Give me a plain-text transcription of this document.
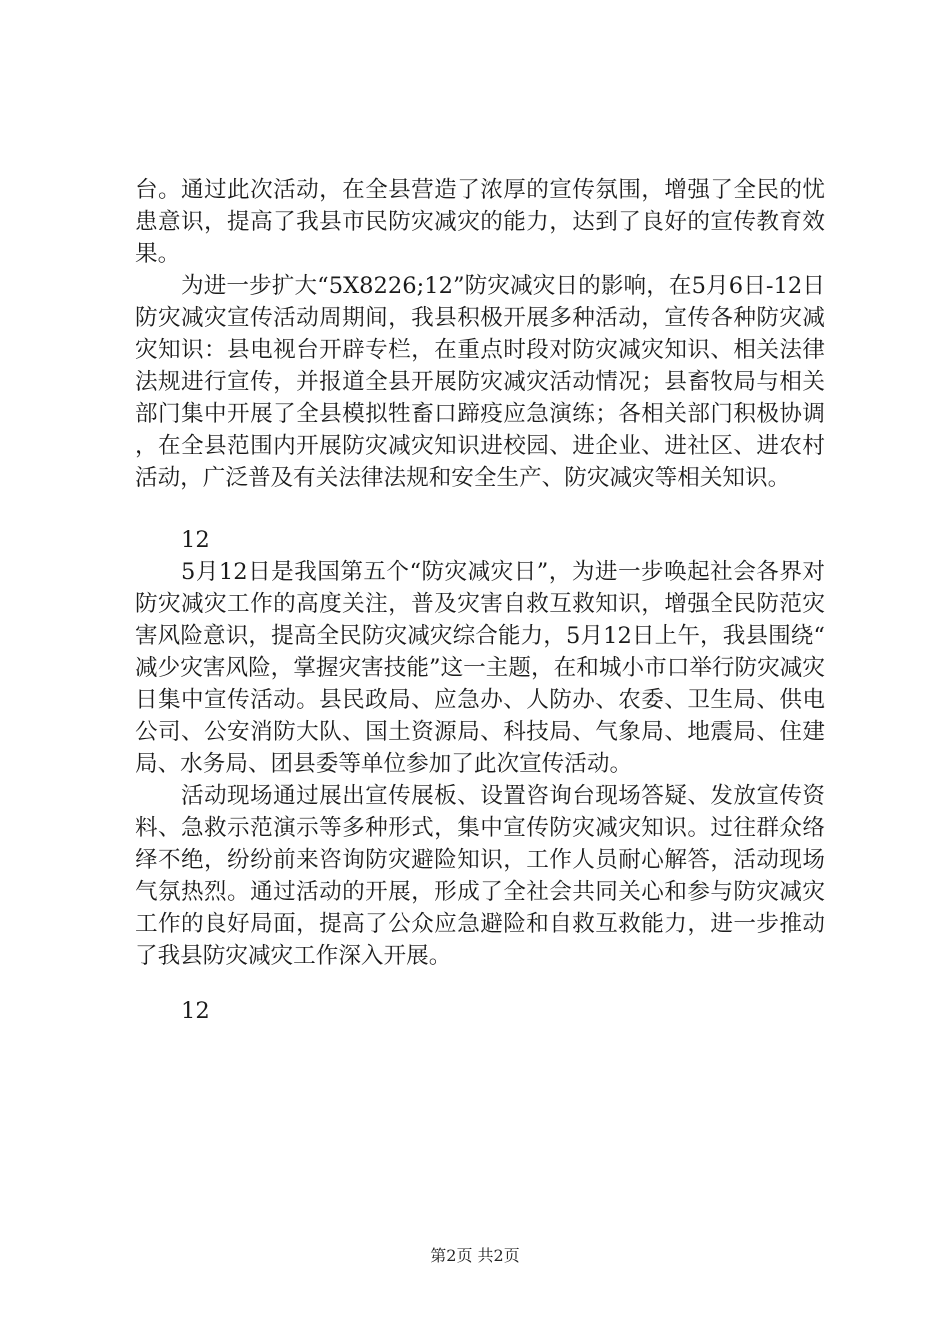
台。通过此次活动，在全县营造了浓厚的宣传氛围，增强了全民的忧患意识，提高了我县市民防灾减灾的能力，达到了良好的宣传教育效果。

为进一步扩大“5X8226;12”防灾减灾日的影响，在5月6日-12日防灾减灾宣传活动周期间，我县积极开展多种活动，宣传各种防灾减灾知识：县电视台开辟专栏，在重点时段对防灾减灾知识、相关法律法规进行宣传，并报道全县开展防灾减灾活动情况；县畜牧局与相关部门集中开展了全县模拟牲畜口蹄疫应急演练；各相关部门积极协调，在全县范围内开展防灾减灾知识进校园、进企业、进社区、进农村活动，广泛普及有关法律法规和安全生产、防灾减灾等相关知识。

12

5月12日是我国第五个“防灾减灾日”，为进一步唤起社会各界对防灾减灾工作的高度关注，普及灾害自救互救知识，增强全民防范灾害风险意识，提高全民防灾减灾综合能力，5月12日上午，我县围绕“减少灾害风险，掌握灾害技能”这一主题，在和城小市口举行防灾减灾日集中宣传活动。县民政局、应急办、人防办、农委、卫生局、供电公司、公安消防大队、国土资源局、科技局、气象局、地震局、住建局、水务局、团县委等单位参加了此次宣传活动。

活动现场通过展出宣传展板、设置咨询台现场答疑、发放宣传资料、急救示范演示等多种形式，集中宣传防灾减灾知识。过往群众络绎不绝，纷纷前来咨询防灾避险知识，工作人员耐心解答，活动现场气氛热烈。通过活动的开展，形成了全社会共同关心和参与防灾减灾工作的良好局面，提高了公众应急避险和自救互救能力，进一步推动了我县防灾减灾工作深入开展。

12

第2页 共2页
